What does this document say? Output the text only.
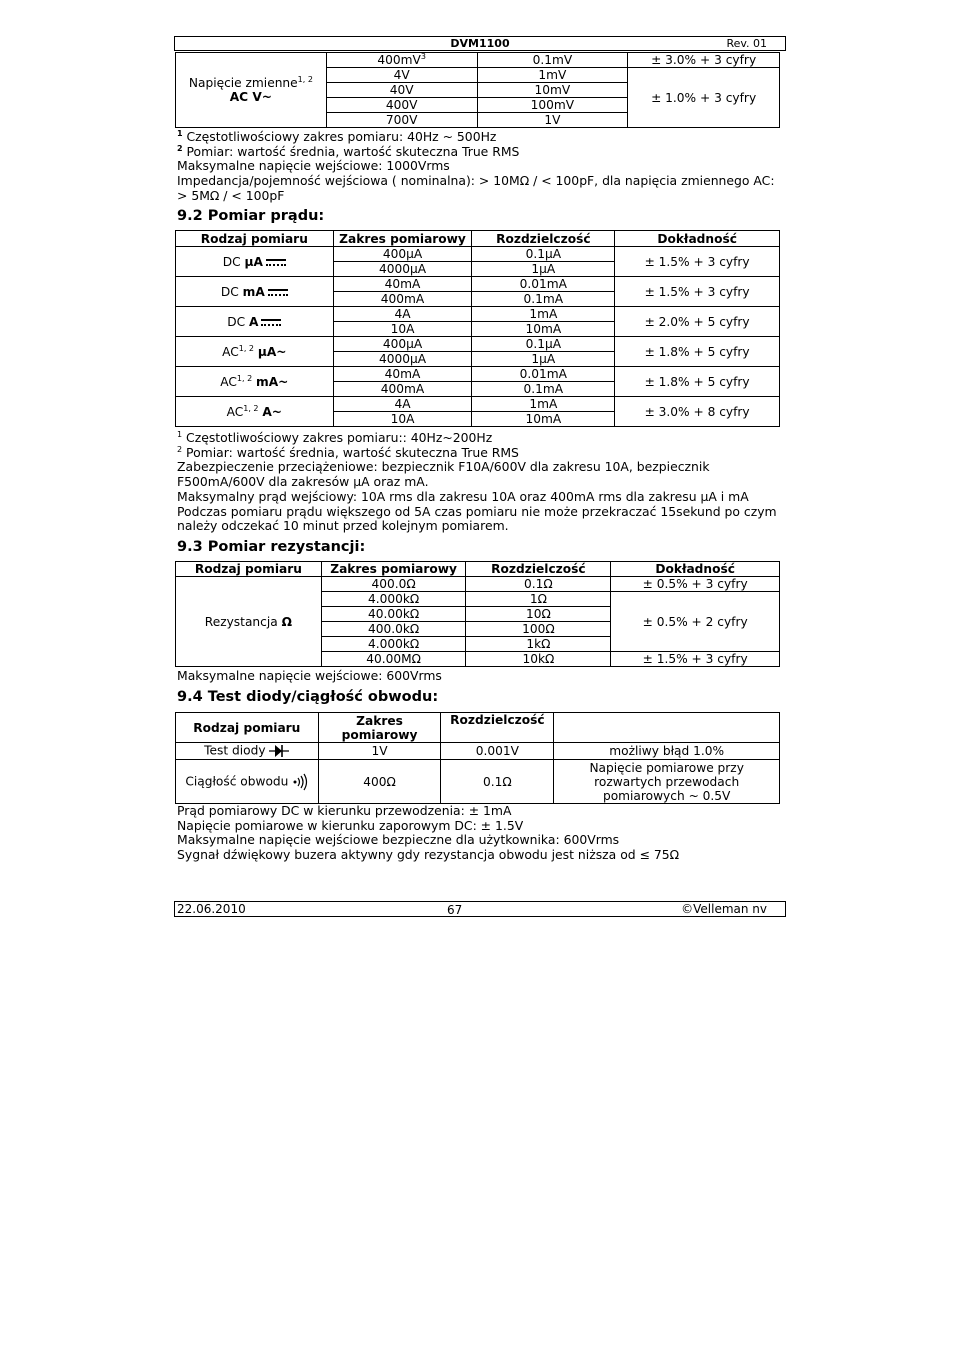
DVM1100	Rev. 01
Napięcie zmienne$^{1, 2}$
AC V~	$400mV^3$	0.1mV	± 3.0% + 3 cyfry
	4V	1mV	± 1.0% + 3 cyfry
	40V	10mV	
	400V	100mV	
	700V	1V	

$^1$ Częstotliwościowy zakres pomiaru: 40Hz ~ 500Hz

$^2$ Pomiar: wartość średnia, wartość skuteczna True RMS

Maksymalne napięcie wejściowe: 1000Vrms

Impedancja/pojemność wejściowa ( nominalna): > 10MΩ / < 100pF, dla napięcia zmiennego AC:

> 5MΩ / < 100pF

9.2 Pomiar prądu:
Rodzaj pomiaru	Zakres pomiarowy	Rozdzielczość	Dokładność
DC μA	400μA	0.1μA	± 1.5% + 3 cyfry
	4000μA	1μA	
DC mA	40mA	0.01mA	± 1.5% + 3 cyfry
	400mA	0.1mA	
DC A	4A	1mA	± 2.0% + 5 cyfry
	10A	10mA	
AC$^{1, 2}$ μA~	400μA	0.1μA	± 1.8% + 5 cyfry
	4000μA	1μA	
AC$^{1, 2}$ mA~	40mA	0.01mA	± 1.8% + 5 cyfry
	400mA	0.1mA	
AC$^{1, 2}$ A~	4A	1mA	± 3.0% + 8 cyfry
	10A	10mA	

$^1$ Częstotliwościowy zakres pomiaru:: 40Hz~200Hz

$^2$ Pomiar: wartość średnia, wartość skuteczna True RMS

Zabezpieczenie przeciążeniowe: bezpiecznik F10A/600V dla zakresu 10A, bezpiecznik

F500mA/600V dla zakresów μA oraz mA.

Maksymalny prąd wejściowy: 10A rms dla zakresu 10A oraz 400mA rms dla zakresu μA i mA

Podczas pomiaru prądu większego od 5A czas pomiaru nie może przekraczać 15sekund po czym

należy odczekać 10 minut przed kolejnym pomiarem.

9.3 Pomiar rezystancji:
Rodzaj pomiaru	Zakres pomiarowy	Rozdzielczość	Dokładność
Rezystancja Ω	400.0Ω	0.1Ω	± 0.5% + 3 cyfry
	4.000kΩ	1Ω	± 0.5% + 2 cyfry
	40.00kΩ	10Ω	
	400.0kΩ	100Ω	
	4.000kΩ	1kΩ	
	40.00MΩ	10kΩ	± 1.5% + 3 cyfry

Maksymalne napięcie wejściowe: 600Vrms

9.4 Test diody/ciągłość obwodu:
Rodzaj pomiaru	Zakres pomiarowy	Rozdzielczość	
Test diody	1V	0.001V	możliwy błąd 1.0%
Ciągłość obwodu	400Ω	0.1Ω	Napięcie pomiarowe przy rozwartych przewodach pomiarowych ~ 0.5V

Prąd pomiarowy DC w kierunku przewodzenia: ± 1mA

Napięcie pomiarowe w kierunku zaporowym DC: ± 1.5V

Maksymalne napięcie wejściowe bezpieczne dla użytkownika: 600Vrms

Sygnał dźwiękowy buzera aktywny gdy rezystancja obwodu jest niższa od ≤ 75Ω

22.06.2010	67	©Velleman nv
